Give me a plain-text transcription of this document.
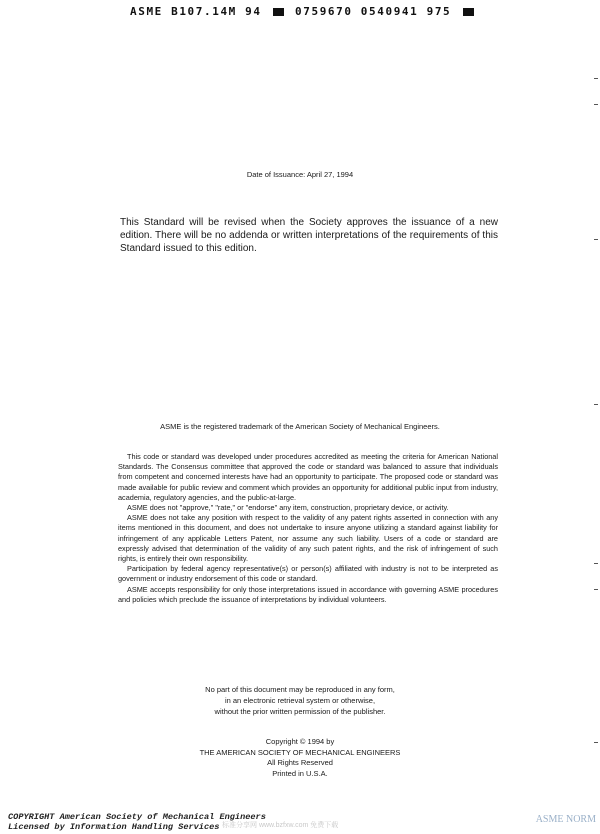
ASME B107.14M 94	0759670 0540941 975
Date of Issuance: April 27, 1994
This Standard will be revised when the Society approves the issuance of a new edition. There will be no addenda or written interpretations of the requirements of this Standard issued to this edition.
ASME is the registered trademark of the American Society of Mechanical Engineers.

This code or standard was developed under procedures accredited as meeting the criteria for American National Standards. The Consensus committee that approved the code or standard was balanced to assure that individuals from competent and concerned interests have had an opportunity to participate. The proposed code or standard was made available for public review and comment which provides an opportunity for additional public input from industry, academia, regulatory agencies, and the public-at-large.

ASME does not "approve," "rate," or "endorse" any item, construction, proprietary device, or activity.

ASME does not take any position with respect to the validity of any patent rights asserted in connection with any items mentioned in this document, and does not undertake to insure anyone utilizing a standard against liability for infringement of any applicable Letters Patent, nor assume any such liability. Users of a code or standard are expressly advised that determination of the validity of any such patent rights, and the risk of infringement of such rights, is entirely their own responsibility.

Participation by federal agency representative(s) or person(s) affiliated with industry is not to be interpreted as government or industry endorsement of this code or standard.

ASME accepts responsibility for only those interpretations issued in accordance with governing ASME procedures and policies which preclude the issuance of interpretations by individual volunteers.

No part of this document may be reproduced in any form,
in an electronic retrieval system or otherwise,
without the prior written permission of the publisher.
Copyright © 1994 by
THE AMERICAN SOCIETY OF MECHANICAL ENGINEERS
All Rights Reserved
Printed in U.S.A.
COPYRIGHT American Society of Mechanical Engineers
Licensed by Information Handling Services 标准分享网 www.bzfxw.com 免费下载
ASME NORM
